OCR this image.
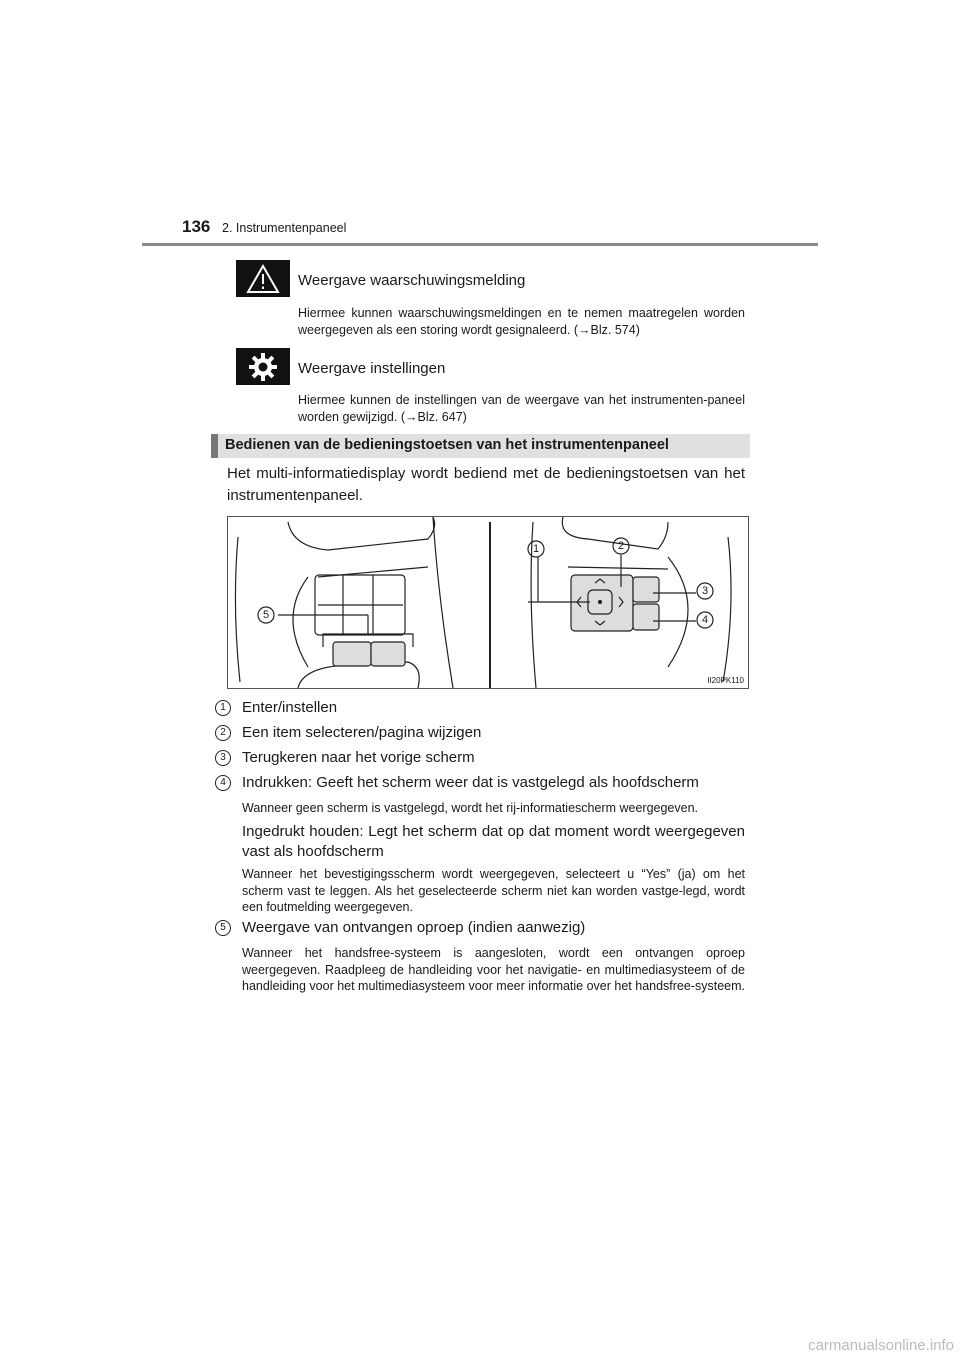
136 2. Instrumentenpaneel
Weergave waarschuwingsmelding
Hiermee kunnen waarschuwingsmeldingen en te nemen maatregelen worden weergegeven als een storing wordt gesignaleerd. (→Blz. 574)
Weergave instellingen
Hiermee kunnen de instellingen van de weergave van het instrumenten-paneel worden gewijzigd. (→Blz. 647)
Bedienen van de bedieningstoetsen van het instrumentenpaneel
Het multi-informatiedisplay wordt bediend met de bedieningstoetsen van het instrumentenpaneel.
1	2
3
4
5
II20PK110
1	Enter/instellen
2	Een item selecteren/pagina wijzigen
3	Terugkeren naar het vorige scherm
4	Indrukken: Geeft het scherm weer dat is vastgelegd als hoofdscherm
Wanneer geen scherm is vastgelegd, wordt het rij-informatiescherm weergegeven.
Ingedrukt houden: Legt het scherm dat op dat moment wordt weergegeven vast als hoofdscherm
Wanneer het bevestigingsscherm wordt weergegeven, selecteert u “Yes” (ja) om het scherm vast te leggen. Als het geselecteerde scherm niet kan worden vastge-legd, wordt een foutmelding weergegeven.
5	Weergave van ontvangen oproep (indien aanwezig)
Wanneer het handsfree-systeem is aangesloten, wordt een ontvangen oproep weergegeven. Raadpleeg de handleiding voor het navigatie- en multimediasysteem of de handleiding voor het multimediasysteem voor meer informatie over het handsfree-systeem.
carmanualsonline.info
